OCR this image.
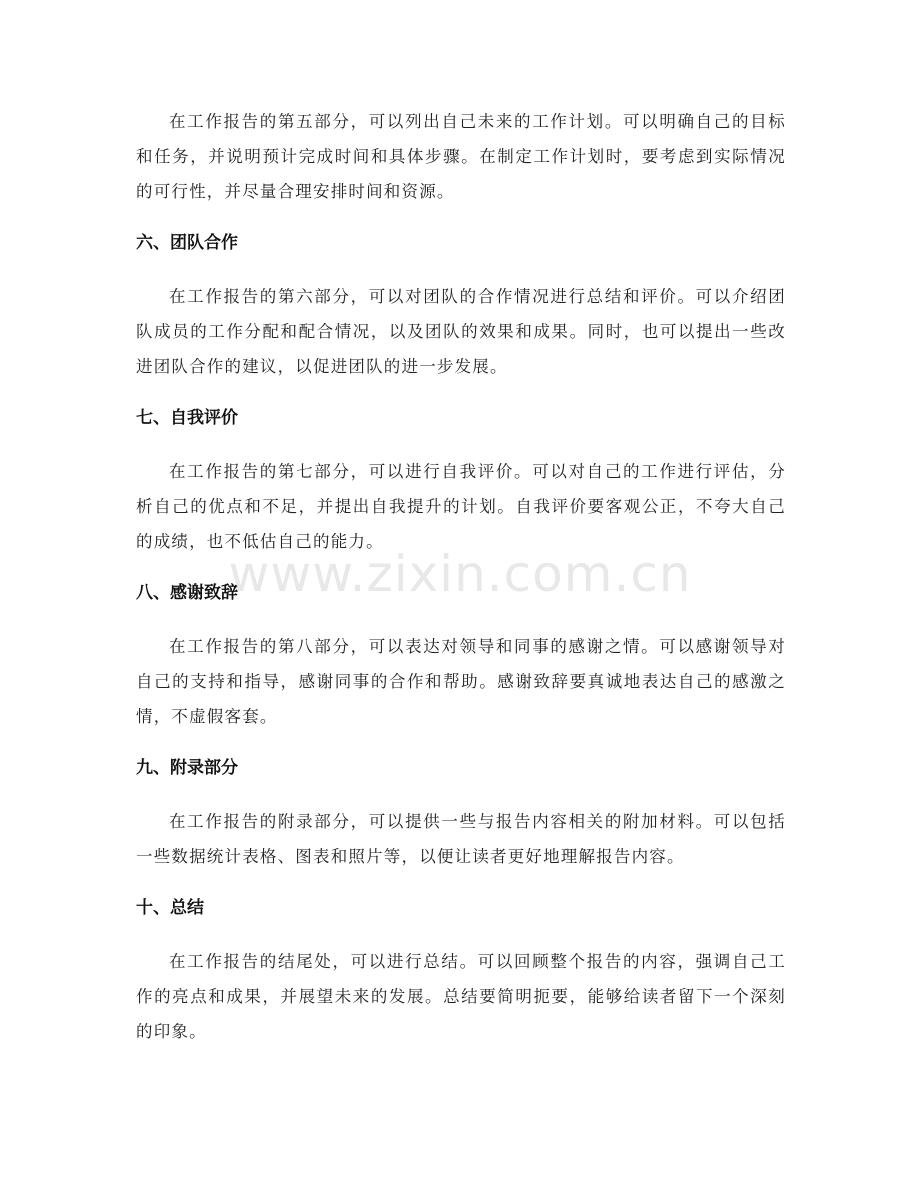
在工作报告的第五部分，可以列出自己未来的工作计划。可以明确自己的目标和任务，并说明预计完成时间和具体步骤。在制定工作计划时，要考虑到实际情况的可行性，并尽量合理安排时间和资源。

六、团队合作

在工作报告的第六部分，可以对团队的合作情况进行总结和评价。可以介绍团队成员的工作分配和配合情况，以及团队的效果和成果。同时，也可以提出一些改进团队合作的建议，以促进团队的进一步发展。

七、自我评价

在工作报告的第七部分，可以进行自我评价。可以对自己的工作进行评估，分析自己的优点和不足，并提出自我提升的计划。自我评价要客观公正，不夸大自己的成绩，也不低估自己的能力。

八、感谢致辞

在工作报告的第八部分，可以表达对领导和同事的感谢之情。可以感谢领导对自己的支持和指导，感谢同事的合作和帮助。感谢致辞要真诚地表达自己的感激之情，不虚假客套。

九、附录部分

在工作报告的附录部分，可以提供一些与报告内容相关的附加材料。可以包括一些数据统计表格、图表和照片等，以便让读者更好地理解报告内容。

十、总结

在工作报告的结尾处，可以进行总结。可以回顾整个报告的内容，强调自己工作的亮点和成果，并展望未来的发展。总结要简明扼要，能够给读者留下一个深刻的印象。

www.zixin.com.cn
